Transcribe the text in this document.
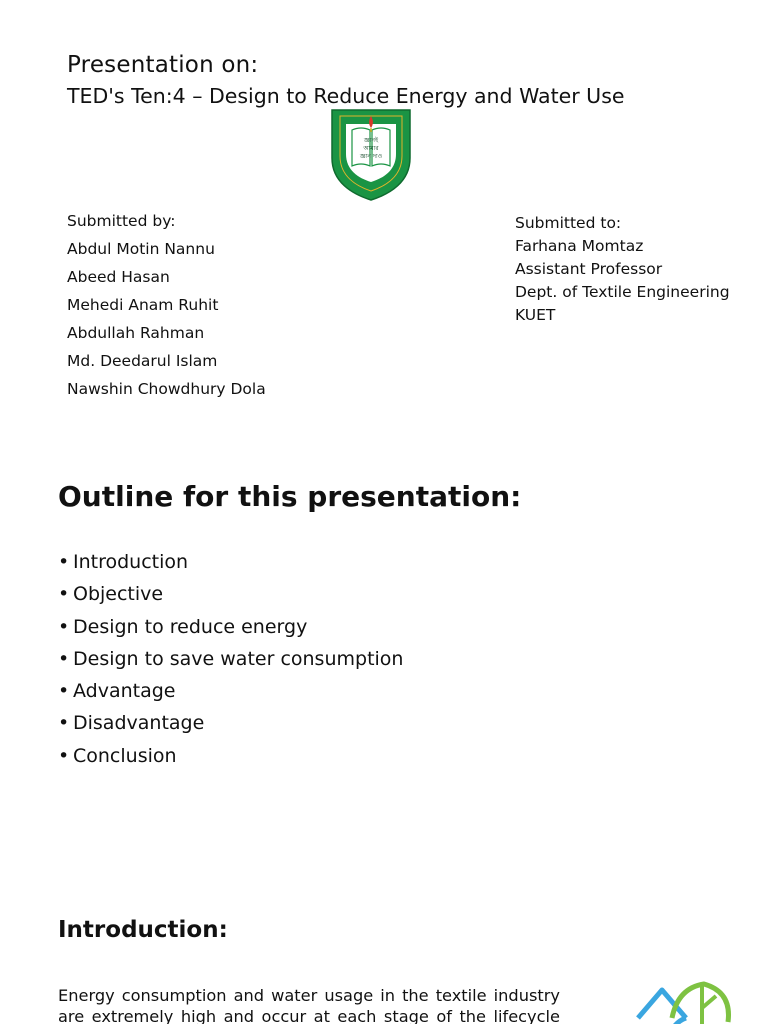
Presentation on:
TED's Ten:4 – Design to Reduce Energy and Water Use
জ্ঞানই
আমার
জ্ঞান দাও
Submitted by:
Abdul Motin Nannu
Abeed Hasan
Mehedi Anam Ruhit
Abdullah Rahman
Md. Deedarul Islam
Nawshin Chowdhury Dola
Submitted to:
Farhana Momtaz
Assistant Professor
Dept. of Textile Engineering
KUET
Outline for this presentation:
• Introduction
• Objective
• Design to reduce energy
• Design to save water consumption
• Advantage
• Disadvantage
• Conclusion
Introduction:
Energy consumption and water usage in the textile industry
are extremely high and occur at each stage of the lifecycle
